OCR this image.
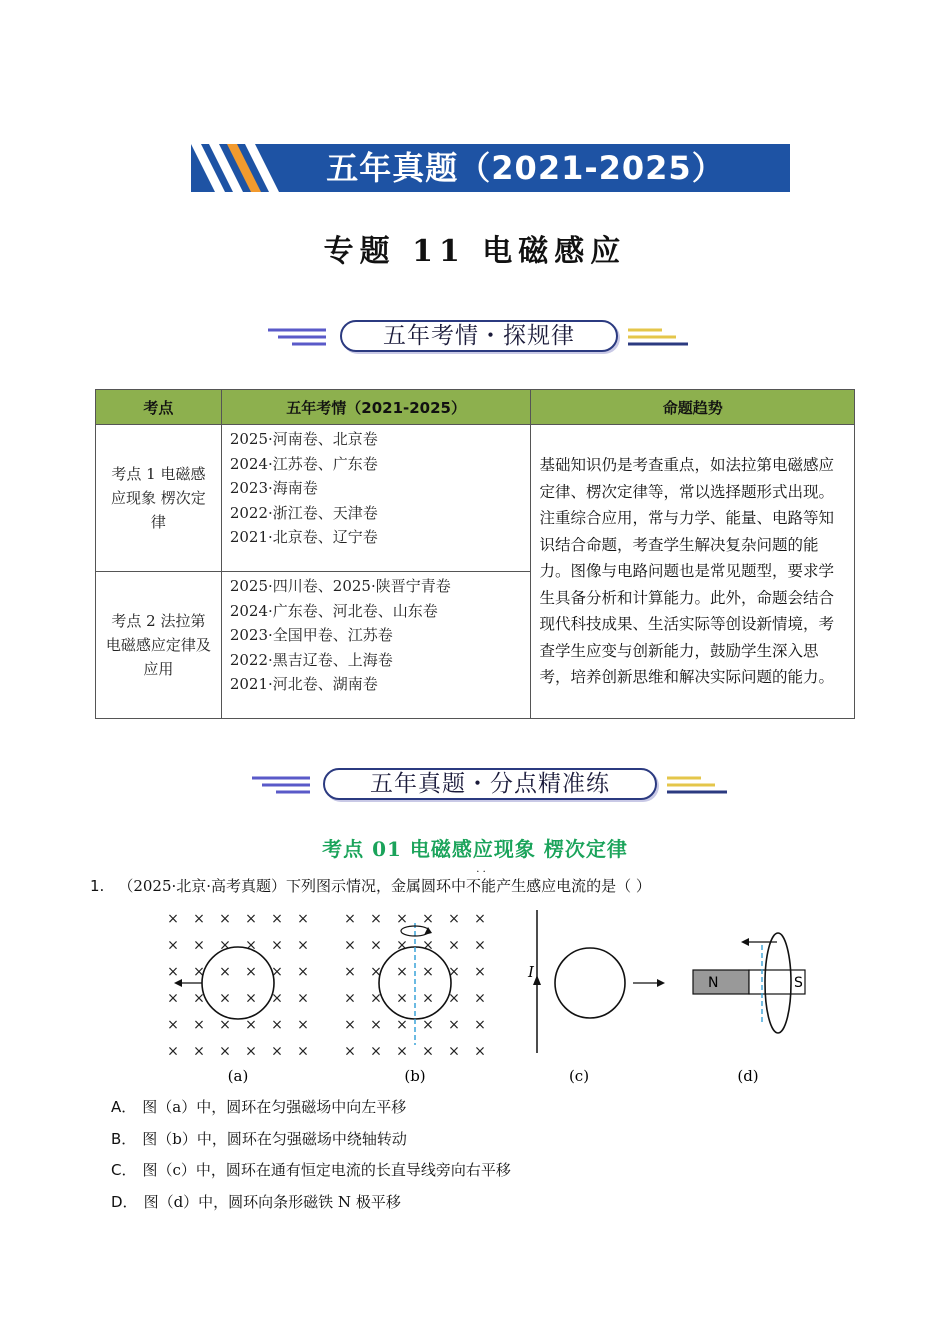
五年真题（2021-2025）
专题 11 电磁感应
五年考情・探规律
考点	五年考情（2021-2025）	命题趋势
考点 1 电磁感应现象 楞次定律	2025·河南卷、北京卷
2024·江苏卷、广东卷
2023·海南卷
2022·浙江卷、天津卷
2021·北京卷、辽宁卷	基础知识仍是考查重点，如法拉第电磁感应定律、楞次定律等，常以选择题形式出现。注重综合应用，常与力学、能量、电路等知识结合命题，考查学生解决复杂问题的能力。图像与电路问题也是常见题型，要求学生具备分析和计算能力。此外，命题会结合现代科技成果、生活实际等创设新情境，考查学生应变与创新能力，鼓励学生深入思考，培养创新思维和解决实际问题的能力。
考点 2 法拉第电磁感应定律及应用	2025·四川卷、2025·陕晋宁青卷
2024·广东卷、河北卷、山东卷
2023·全国甲卷、江苏卷
2022·黑吉辽卷、上海卷
2021·河北卷、湖南卷	
五年真题・分点精准练
考点 01 电磁感应现象 楞次定律
1. （2025·北京·高考真题）下列图示情况，金属圆环中
· ·
不能产生感应电流的是（ ）
× × × × × ×
× × × × × ×
× × × × × ×
× × × × × ×
× × × × × ×
× × × × × ×
× × × × × ×
× × × × × ×
× × × × × ×
× × × × × ×
× × × × × ×
× × × × × ×
I
N	S
(a)	(b)	(c)	(d)
A． 图（a）中，圆环在匀强磁场中向左平移
B． 图（b）中，圆环在匀强磁场中绕轴转动
C． 图（c）中，圆环在通有恒定电流的长直导线旁向右平移
D． 图（d）中，圆环向条形磁铁 N 极平移
